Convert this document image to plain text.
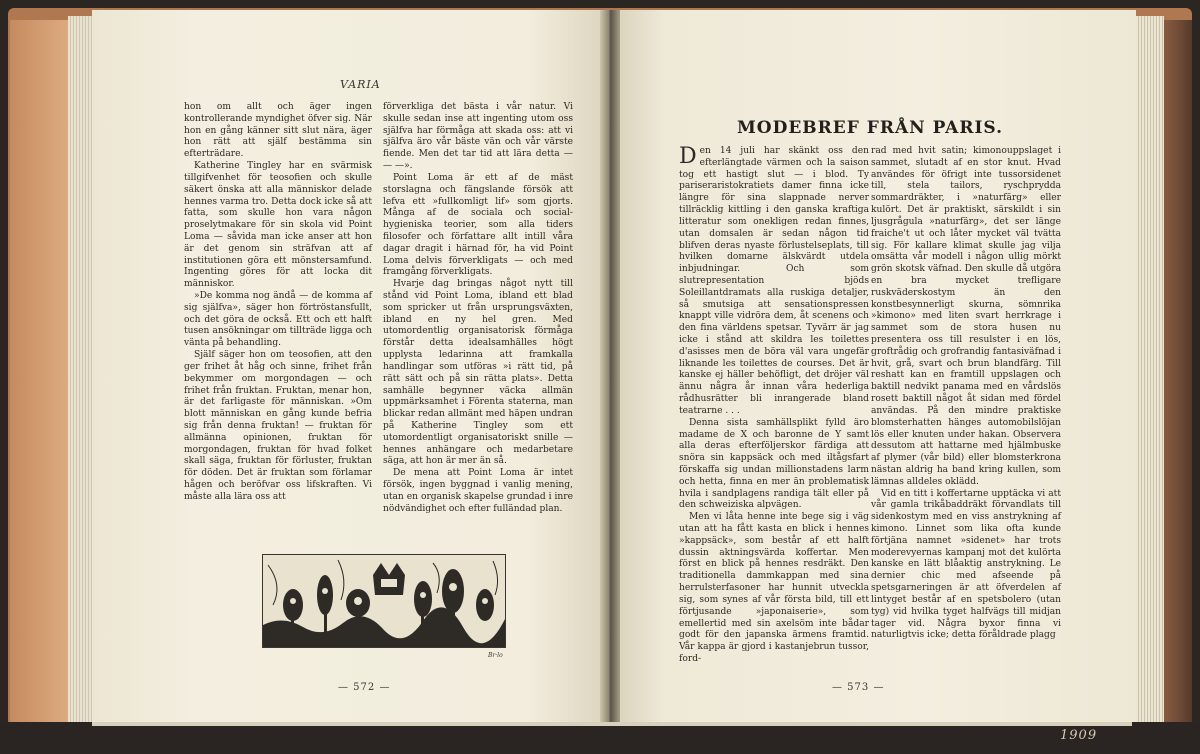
VARIA

hon om allt och äger ingen kontrollerande myndighet öfver sig. När hon en gång känner sitt slut nära, äger hon rätt att själf bestämma sin efterträdare.

Katherine Tingley har en svärmisk tillgifvenhet för teosofien och skulle säkert önska att alla människor delade hennes varma tro. Detta dock icke så att fatta, som skulle hon vara någon proselytmakare för sin skola vid Point Loma — såvida man icke anser att hon är det genom sin sträfvan att af institutionen göra ett mönstersamfund. Ingenting göres för att locka dit människor.

»De komma nog ändå — de komma af sig själfva», säger hon förtröstansfullt, och det göra de också. Ett och ett halft tusen ansökningar om tillträde ligga och vänta på behandling.

Själf säger hon om teosofien, att den ger frihet åt håg och sinne, frihet från bekymmer om morgondagen — och frihet från fruktan. Fruktan, menar hon, är det farligaste för människan. »Om blott människan en gång kunde befria sig från denna fruktan! — fruktan för allmänna opinionen, fruktan för morgondagen, fruktan för hvad folket skall säga, fruktan för förluster, fruktan för döden. Det är fruktan som förlamar hågen och beröfvar oss lifskraften. Vi måste alla lära oss att

förverkliga det bästa i vår natur. Vi skulle sedan inse att ingenting utom oss själfva har förmåga att skada oss: att vi själfva äro vår bäste vän och vår värste fiende. Men det tar tid att lära detta — — —».

Point Loma är ett af de mäst storslagna och fängslande försök att lefva ett »fullkomligt lif» som gjorts. Många af de sociala och social-hygieniska teorier, som alla tiders filosofer och författare allt intill våra dagar dragit i härnad för, ha vid Point Loma delvis förverkligats — och med framgång förverkligats.

Hvarje dag bringas något nytt till stånd vid Point Loma, ibland ett blad som spricker ut från ursprungsväxten, ibland en ny hel gren. Med utomordentlig organisatorisk förmåga förstår detta idealsamhälles högt upplysta ledarinna att framkalla handlingar som utföras »i rätt tid, på rätt sätt och på sin rätta plats». Detta samhälle begynner väcka allmän uppmärksamhet i Förenta staterna, man blickar redan allmänt med häpen undran på Katherine Tingley som ett utomordentligt organisatoriskt snille — hennes anhängare och medarbetare säga, att hon är mer än så.

De mena att Point Loma är intet försök, ingen byggnad i vanlig mening, utan en organisk skapelse grundad i inre nödvändighet och efter fulländad plan.

Br·lo
— 572 —
MODEBREF FRÅN PARIS.

Den 14 juli har skänkt oss den efterlängtade värmen och la saison tog ett hastigt slut — i blod. Ty pariseraristokratiets damer finna icke längre för sina slappnade nerver tillräcklig kittling i den ganska kraftiga litteratur som onekligen redan finnes, utan domsalen är sedan någon tid blifven deras nyaste förlustelseplats, till hvilken domarne älskvärdt utdela inbjudningar. Och som slutrepresentation bjöds Soleillantdramats alla ruskiga detaljer, så smutsiga att sensationspressen knappt ville vidröra dem, åt scenens och den fina världens spetsar. Tyvärr är jag icke i stånd att skildra les toilettes d'asisses men de böra väl vara ungefär liknande les toilettes de courses. Det är kanske ej häller behöfligt, det dröjer väl ännu några år innan våra hederliga rådhusrätter bli inrangerade bland teatrarne . . .

Denna sista samhällsplikt fylld äro madame de X och baronne de Y samt alla deras efterföljerskor färdiga att snöra sin kappsäck och med iltågsfart förskaffa sig undan millionstadens larm och hetta, finna en mer än problematisk hvila i sandplagens randiga tält eller på den schweiziska alpvägen.

Men vi låta henne inte bege sig i väg utan att ha fått kasta en blick i hennes »kappsäck», som består af ett halft dussin aktningsvärda koffertar. Men först en blick på hennes resdräkt. Den traditionella dammkappan med sina herrulsterfasoner har hunnit utveckla sig, som synes af vår första bild, till ett förtjusande »japonaiserie», som emellertid med sin axelsöm inte bådar godt för den japanska ärmens framtid. Vår kappa är gjord i kastanjebrun tussor, ford-

rad med hvit satin; kimonouppslaget i sammet, slutadt af en stor knut. Hvad användes för öfrigt inte tussorsidenet till, stela tailors, ryschprydda sommardräkter, i »naturfärg» eller kulört. Det är praktiskt, särskildt i sin ljusgrågula »naturfärg», det ser länge fraiche't ut och låter mycket väl tvätta sig. För kallare klimat skulle jag vilja omsätta vår modell i någon ullig mörkt grön skotsk väfnad. Den skulle då utgöra en bra mycket trefligare ruskväderskostym än den konstbesynnerligt skurna, sömnrika »kimono» med liten svart herrkrage i sammet som de stora husen nu presentera oss till resulster i en lös, groftrådig och grofrandig fantasiväfnad i hvit, grå, svart och brun blandfärg. Till reshatt kan en framtill uppslagen och baktill nedvikt panama med en vårdslös rosett baktill något åt sidan med fördel användas. På den mindre praktiske blomsterhatten hänges automobilslöjan lös eller knuten under hakan. Observera dessutom att hattarne med hjälmbuske af plymer (vår bild) eller blomsterkrona nästan aldrig ha band kring kullen, som lämnas alldeles oklädd.

Vid en titt i koffertarne upptäcka vi att vår gamla trikåbaddräkt förvandlats till sidenkostym med en viss anstrykning af kimono. Linnet som lika ofta kunde förtjäna namnet »sidenet» har trots moderevyernas kampanj mot det kulörta kanske en lätt blåaktig anstrykning. Le dernier chic med afseende på spetsgarneringen är att öfverdelen af lintyget består af en spetsbolero (utan tyg) vid hvilka tyget halfvägs till midjan tager vid. Några byxor finna vi naturligtvis icke; detta föråldrade plagg

— 573 —
1909
